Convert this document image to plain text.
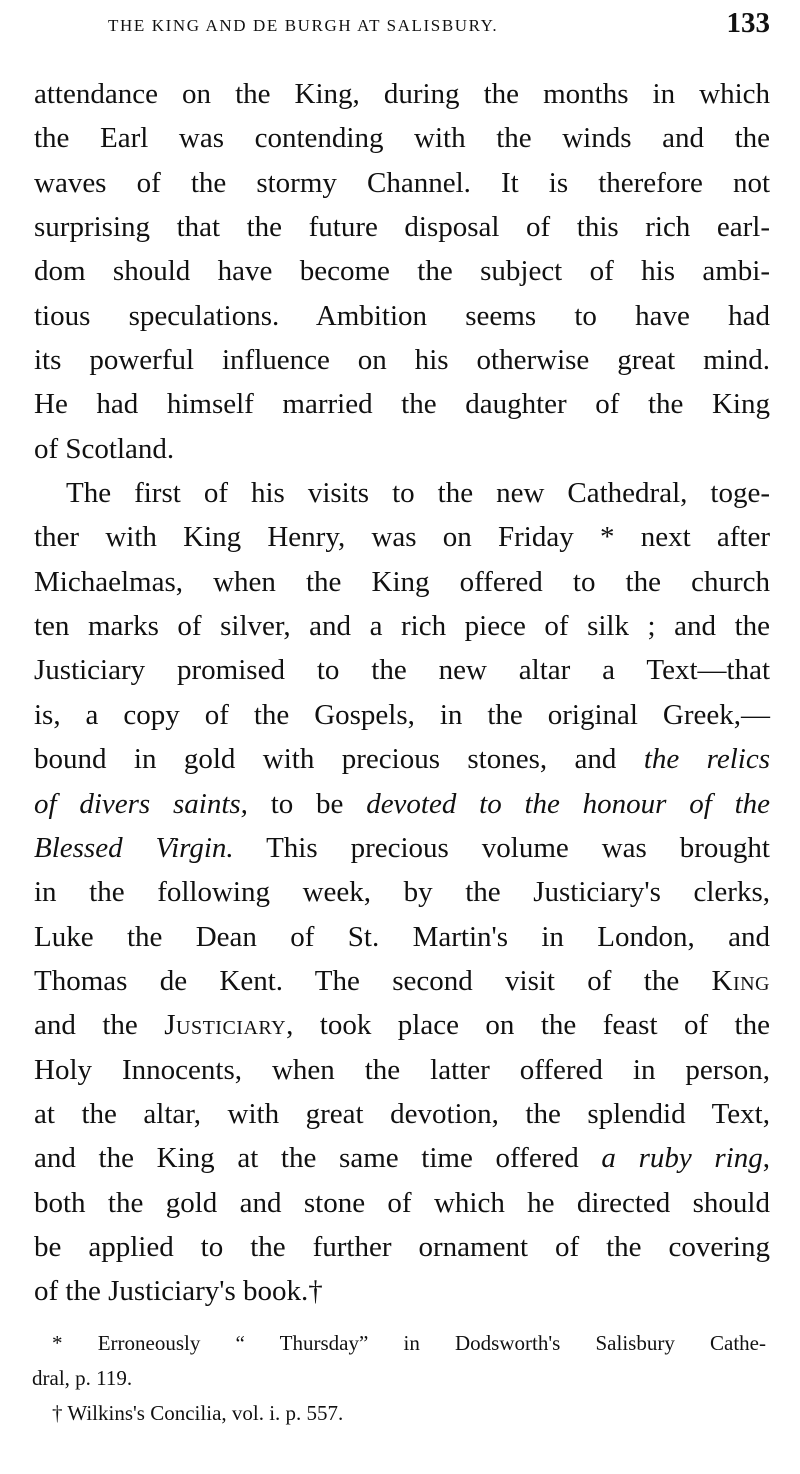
THE KING AND DE BURGH AT SALISBURY.	133
attendance on the King, during the months in which
the Earl was contending with the winds and the
waves of the stormy Channel. It is therefore not
surprising that the future disposal of this rich earl-
dom should have become the subject of his ambi-
tious speculations. Ambition seems to have had
its powerful influence on his otherwise great mind.
He had himself married the daughter of the King
of Scotland.
The first of his visits to the new Cathedral, toge-
ther with King Henry, was on Friday * next after
Michaelmas, when the King offered to the church
ten marks of silver, and a rich piece of silk ; and the
Justiciary promised to the new altar a Text—that
is, a copy of the Gospels, in the original Greek,—
bound in gold with precious stones, and the relics
of divers saints, to be devoted to the honour of the
Blessed Virgin. This precious volume was brought
in the following week, by the Justiciary's clerks,
Luke the Dean of St. Martin's in London, and
Thomas de Kent. The second visit of the King
and the Justiciary, took place on the feast of the
Holy Innocents, when the latter offered in person,
at the altar, with great devotion, the splendid Text,
and the King at the same time offered a ruby ring,
both the gold and stone of which he directed should
be applied to the further ornament of the covering
of the Justiciary's book.†
* Erroneously “ Thursday” in Dodsworth's Salisbury Cathe-
dral, p. 119.
† Wilkins's Concilia, vol. i. p. 557.
